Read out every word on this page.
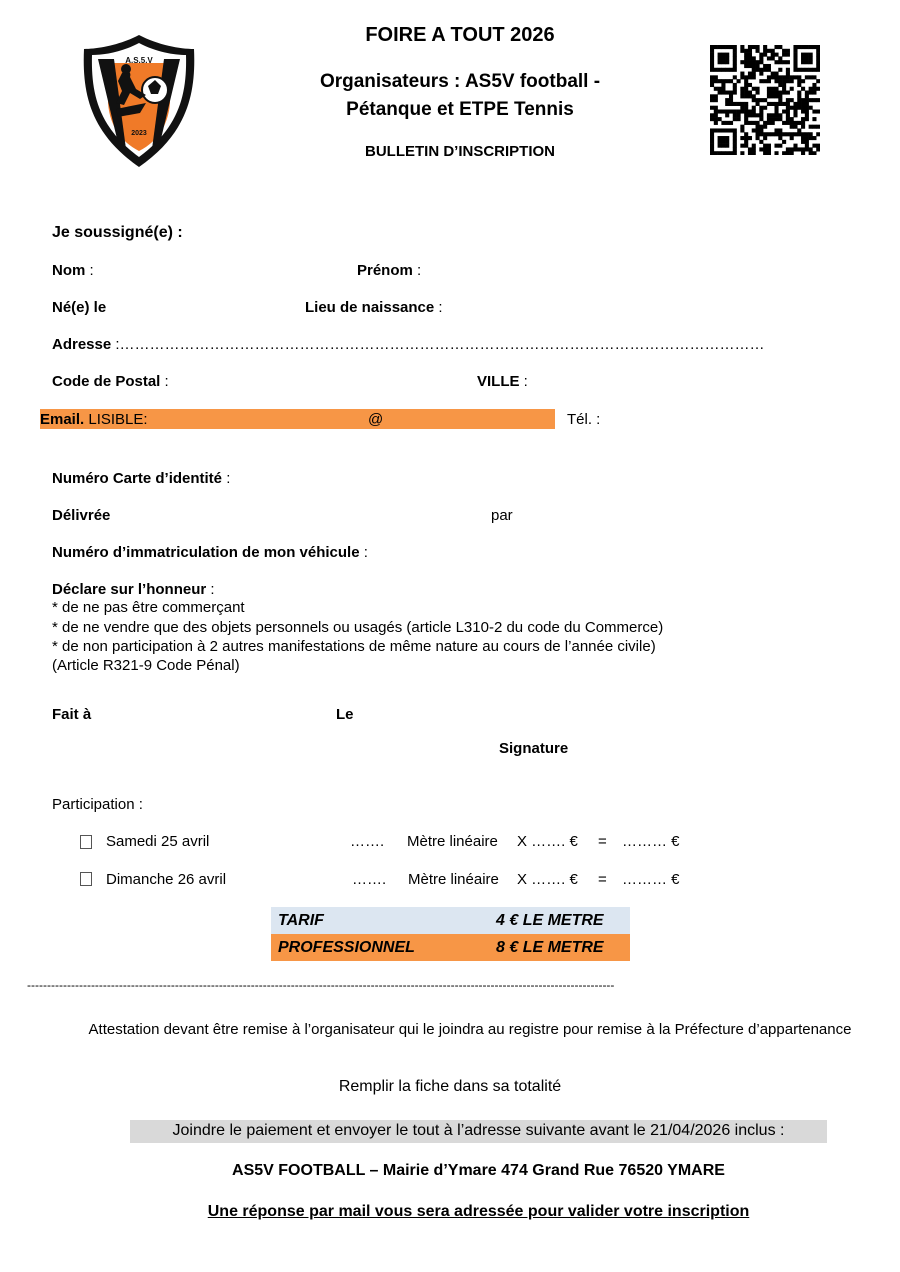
A.S.5.V
2023
FOIRE A TOUT 2026
Organisateurs : AS5V football -
Pétanque et ETPE Tennis
BULLETIN D’INSCRIPTION
Je soussigné(e) :
Nom :	Prénom :
Né(e) le	Lieu de naissance :
Adresse :…………………………………………………………………………………………………………………
Code de Postal :	VILLE :
Email. LISIBLE:	@	Tél. :
Numéro Carte d’identité :
Délivrée	par
Numéro d’immatriculation de mon véhicule :
Déclare sur l’honneur :
* de ne pas être commerçant
* de ne vendre que des objets personnels ou usagés (article L310-2 du code du Commerce)
* de non participation à 2 autres manifestations de même nature au cours de l’année civile)
(Article R321-9 Code Pénal)
Fait à	Le
Signature
Participation :
Samedi 25 avril	……. Mètre linéaire X ……. € = ……… €
Dimanche 26 avril	……. Mètre linéaire X ……. € = ……… €
TARIF	4 € LE METRE
PROFESSIONNEL	8 € LE METRE
---------------------------------------------------------------------------------------------------------------------------------------------------
Attestation devant être remise à l’organisateur qui le joindra au registre pour remise à la Préfecture d’appartenance
Remplir la fiche dans sa totalité
Joindre le paiement et envoyer le tout à l’adresse suivante avant le 21/04/2026 inclus :
AS5V FOOTBALL – Mairie d’Ymare 474 Grand Rue 76520 YMARE
Une réponse par mail vous sera adressée pour valider votre inscription
